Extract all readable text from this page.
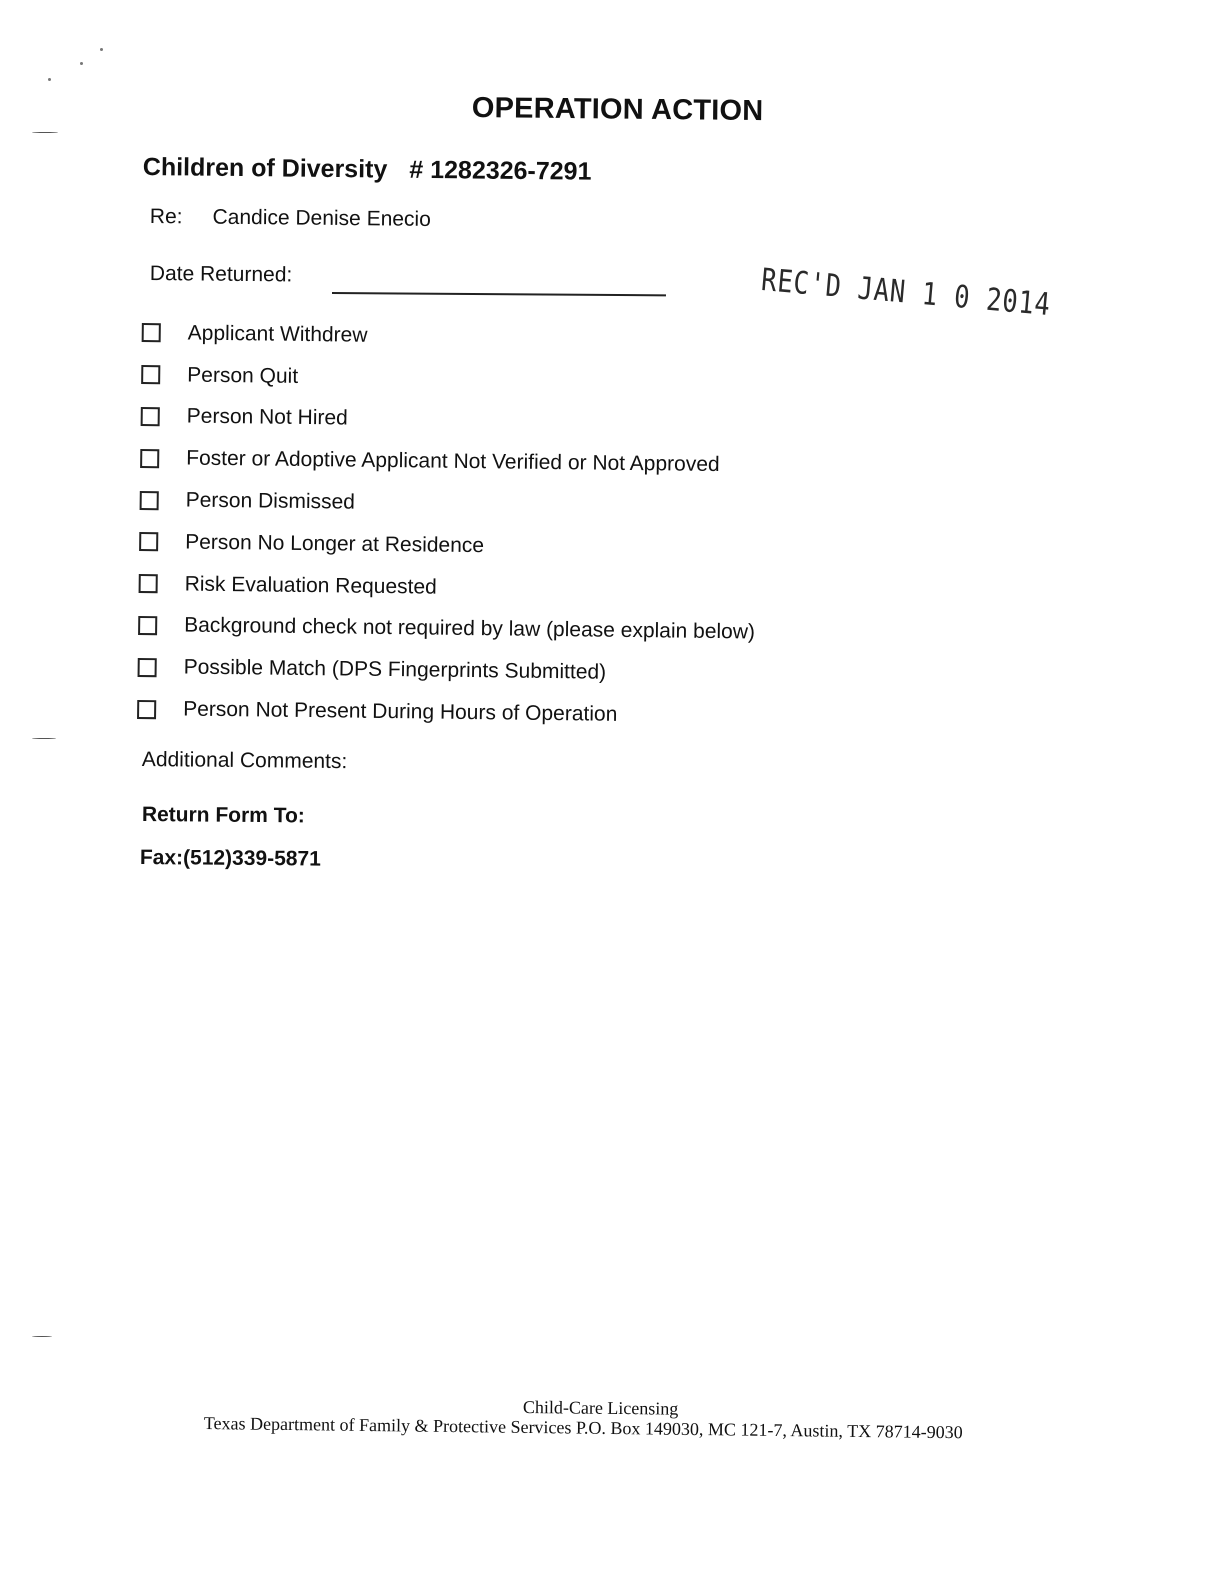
OPERATION ACTION
Children of Diversity # 1282326-7291
Re: Candice Denise Enecio
Date Returned:	REC'D JAN 1 0 2014
Applicant Withdrew
Person Quit
Person Not Hired
Foster or Adoptive Applicant Not Verified or Not Approved
Person Dismissed
Person No Longer at Residence
Risk Evaluation Requested
Background check not required by law (please explain below)
Possible Match (DPS Fingerprints Submitted)
Person Not Present During Hours of Operation
Additional Comments:
Return Form To:
Fax:(512)339-5871
Child-Care Licensing
Texas Department of Family & Protective Services P.O. Box 149030, MC 121-7, Austin, TX 78714-9030
